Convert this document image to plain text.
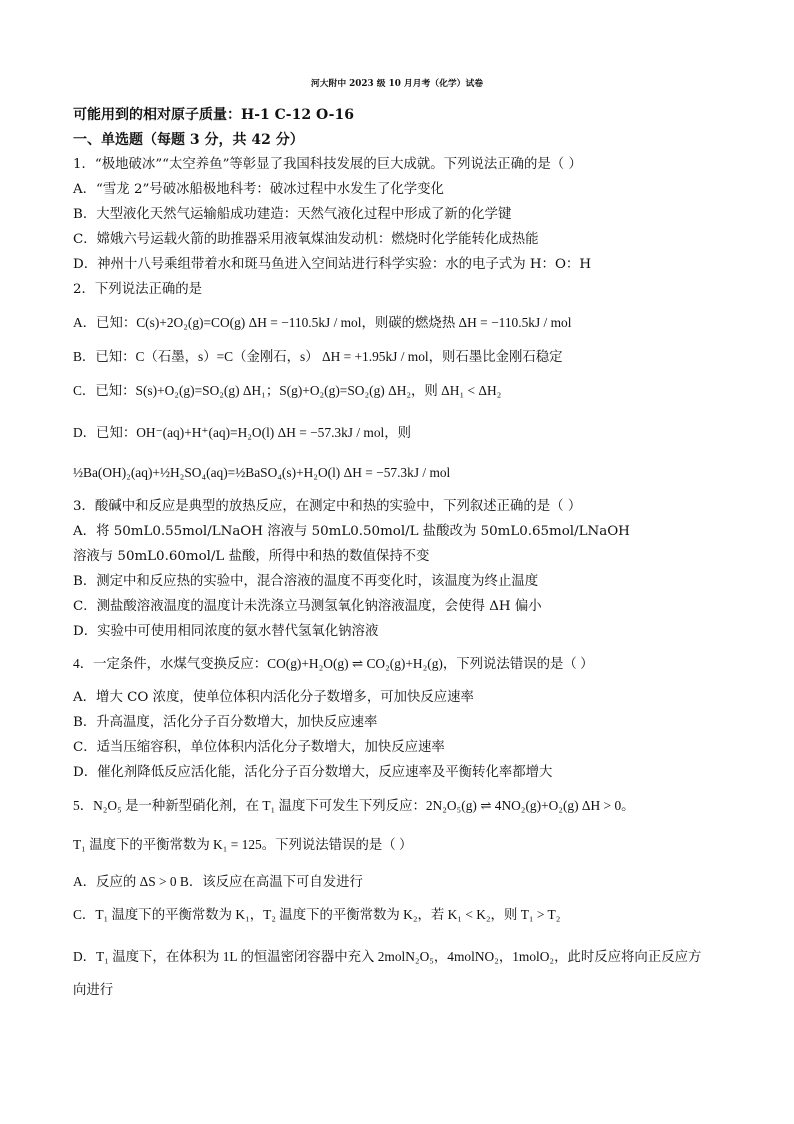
河大附中 2023 级 10 月月考（化学）试卷
可能用到的相对原子质量：H-1 C-12 O-16
一、单选题（每题 3 分，共 42 分）
1．“极地破冰”“太空养鱼”等彰显了我国科技发展的巨大成就。下列说法正确的是（ ）
A．“雪龙 2”号破冰船极地科考：破冰过程中水发生了化学变化
B．大型液化天然气运输船成功建造：天然气液化过程中形成了新的化学键
C．嫦娥六号运载火箭的助推器采用液氧煤油发动机：燃烧时化学能转化成热能
D．神州十八号乘组带着水和斑马鱼进入空间站进行科学实验：水的电子式为 H：O：H
2．下列说法正确的是
A．已知：C(s)+2O₂(g)=CO(g) ΔH = −110.5kJ / mol，则碳的燃烧热 ΔH = −110.5kJ / mol
B．已知：C（石墨，s）=C（金刚石，s） ΔH = +1.95kJ / mol，则石墨比金刚石稳定
C．已知：S(s)+O₂(g)=SO₂(g) ΔH₁；S(g)+O₂(g)=SO₂(g) ΔH₂，则 ΔH₁ < ΔH₂
D．已知：OH⁻(aq)+H⁺(aq)=H₂O(l) ΔH = −57.3kJ / mol，则
½Ba(OH)₂(aq)+½H₂SO₄(aq)=½BaSO₄(s)+H₂O(l) ΔH = −57.3kJ / mol
3．酸碱中和反应是典型的放热反应，在测定中和热的实验中，下列叙述正确的是（ ）
A．将 50mL0.55mol/LNaOH 溶液与 50mL0.50mol/L 盐酸改为 50mL0.65mol/LNaOH
溶液与 50mL0.60mol/L 盐酸，所得中和热的数值保持不变
B．测定中和反应热的实验中，混合溶液的温度不再变化时，该温度为终止温度
C．测盐酸溶液温度的温度计未洗涤立马测氢氧化钠溶液温度，会使得 ΔH 偏小
D．实验中可使用相同浓度的氨水替代氢氧化钠溶液
4．一定条件，水煤气变换反应：CO(g)+H₂O(g) ⇌ CO₂(g)+H₂(g)，下列说法错误的是（ ）
A．增大 CO 浓度，使单位体积内活化分子数增多，可加快反应速率
B．升高温度，活化分子百分数增大，加快反应速率
C．适当压缩容积，单位体积内活化分子数增大，加快反应速率
D．催化剂降低反应活化能，活化分子百分数增大，反应速率及平衡转化率都增大
5．N₂O₅ 是一种新型硝化剂，在 T₁ 温度下可发生下列反应：2N₂O₅(g) ⇌ 4NO₂(g)+O₂(g) ΔH > 0。
T₁ 温度下的平衡常数为 K₁ = 125。下列说法错误的是（ ）
A．反应的 ΔS > 0 B．该反应在高温下可自发进行
C．T₁ 温度下的平衡常数为 K₁，T₂ 温度下的平衡常数为 K₂，若 K₁ < K₂，则 T₁ > T₂
D．T₁ 温度下，在体积为 1L 的恒温密闭容器中充入 2molN₂O₅，4molNO₂，1molO₂，此时反应将向正反应方
向进行
